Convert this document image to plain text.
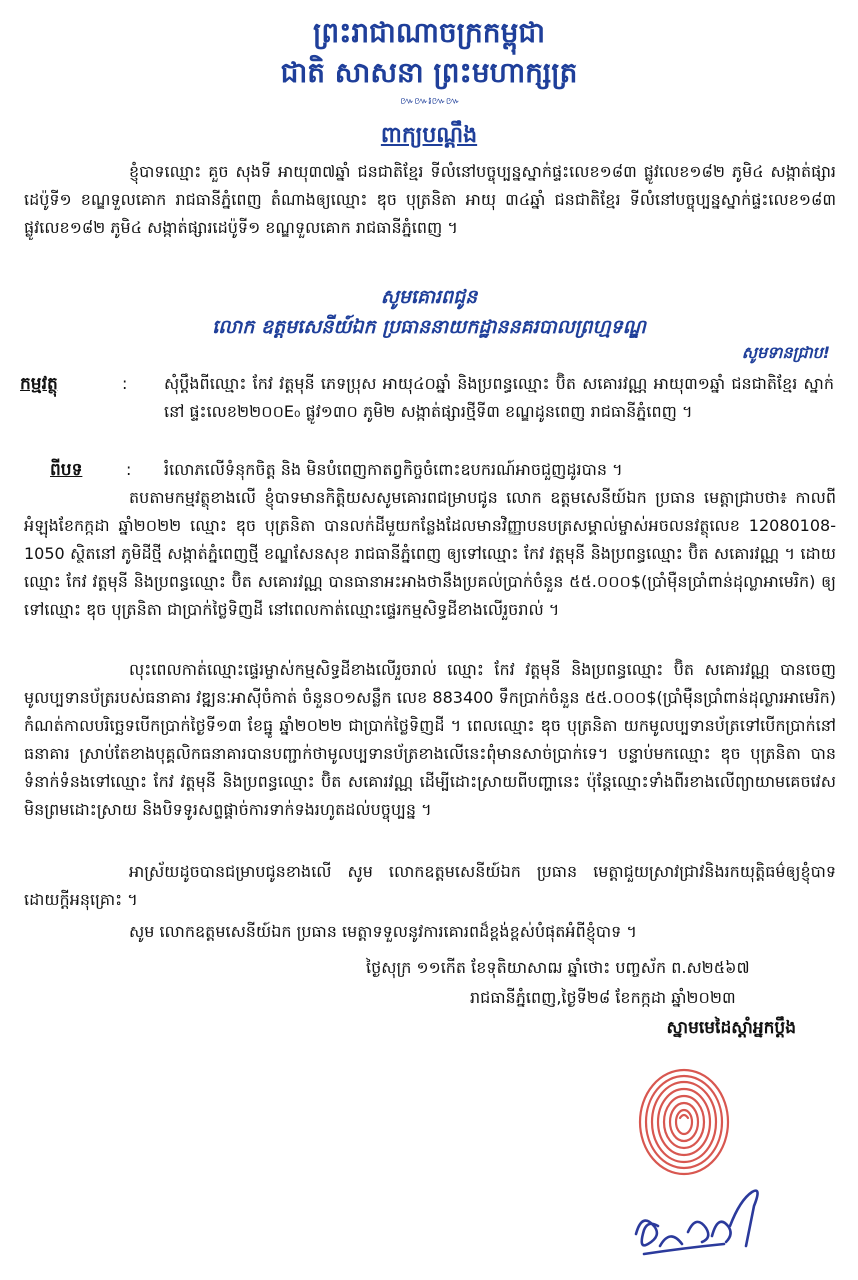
ព្រះរាជាណាចក្រកម្ពុជា
ជាតិ សាសនា ព្រះមហាក្សត្រ
៚៚៛៚៚
ពាក្យបណ្តឹង
ខ្ញុំបាទឈ្មោះ គួច សុងទី អាយុ៣៧ឆ្នាំ ជនជាតិខ្មែរ ទីលំនៅបច្ចុប្បន្នស្នាក់ផ្ទះលេខ១៨៣ ផ្លូវលេខ១៨២ ភូមិ៤ សង្កាត់ផ្សារដេប៉ូទី១ ខណ្ឌទួលគោក រាជធានីភ្នំពេញ តំណាងឲ្យឈ្មោះ ឌុច បុត្រនិតា អាយុ ៣៤ឆ្នាំ ជនជាតិខ្មែរ ទីលំនៅបច្ចុប្បន្នស្នាក់ផ្ទះលេខ១៨៣ ផ្លូវលេខ១៨២ ភូមិ៤ សង្កាត់ផ្សារដេប៉ូទី១ ខណ្ឌទួលគោក រាជធានីភ្នំពេញ ។
សូមគោរពជូន
លោក ឧត្តមសេនីយ៍ឯក ប្រធាននាយកដ្ឋាននគរបាលព្រហ្មទណ្ឌ
សូមទានជ្រាប!
កម្មវត្ថុ	: សុំប្តឹងពីឈ្មោះ កែវ វត្តមុនី ភេទប្រុស អាយុ៤០ឆ្នាំ និងប្រពន្ធឈ្មោះ ប៊ិត សគោរវណ្ណ អាយុ៣១ឆ្នាំ ជនជាតិខ្មែរ ស្នាក់នៅ ផ្ទះលេខ២២០០E₀ ផ្លូវ១៣០ ភូមិ២ សង្កាត់ផ្សារថ្មីទី៣ ខណ្ឌដូនពេញ រាជធានីភ្នំពេញ ។
ពីបទ	: រំលោភលើទំនុកចិត្ត និង មិនបំពេញកាតព្វកិច្ចចំពោះឧបករណ៍អាចជួញដូរបាន ។
តបតាមកម្មវត្ថុខាងលើ ខ្ញុំបាទមានកិត្តិយសសូមគោរពជម្រាបជូន លោក ឧត្តមសេនីយ៍ឯក ប្រធាន មេត្តាជ្រាបថា៖ កាលពីអំឡុងខែកក្កដា ឆ្នាំ២០២២ ឈ្មោះ ឌុច បុត្រនិតា បានលក់ដីមួយកន្លែងដែលមានវិញ្ញាបនបត្រសម្គាល់ម្ចាស់អចលនវត្ថុលេខ 12080108-1050 ស្ថិតនៅ ភូមិដីថ្មី សង្កាត់ភ្នំពេញថ្មី ខណ្ឌសែនសុខ រាជធានីភ្នំពេញ ឲ្យទៅឈ្មោះ កែវ វត្តមុនី និងប្រពន្ធឈ្មោះ ប៊ិត សគោរវណ្ណ ។ ដោយឈ្មោះ កែវ វត្តមុនី និងប្រពន្ធឈ្មោះ ប៊ិត សគោរវណ្ណ បានធានាអះអាងថានឹងប្រគល់ប្រាក់ចំនួន ៥៥.០០០$(ប្រាំម៉ឺនប្រាំពាន់ដុល្លាអាមេរិក) ឲ្យទៅឈ្មោះ ឌុច បុត្រនិតា ជាប្រាក់ថ្លៃទិញដី នៅពេលកាត់ឈ្មោះផ្ទេរកម្មសិទ្ធដីខាងលើរួចរាល់ ។
លុះពេលកាត់ឈ្មោះផ្ទេរម្ចាស់កម្មសិទ្ធដីខាងលើរួចរាល់ ឈ្មោះ កែវ វត្តមុនី និងប្រពន្ធឈ្មោះ ប៊ិត សគោរវណ្ណ បានចេញមូលប្បទានប័ត្ររបស់ធនាគារ វឌ្ឍនៈអាស៊ីចំកាត់ ចំនួន០១សន្លឹក លេខ 883400 ទឹកប្រាក់ចំនួន ៥៥.០០០$(ប្រាំម៉ឺនប្រាំពាន់ដុល្លារអាមេរិក) កំណត់កាលបរិច្ឆេទបើកប្រាក់ថ្ងៃទី១៣ ខែធ្នូ ឆ្នាំ២០២២ ជាប្រាក់ថ្លៃទិញដី ។ ពេលឈ្មោះ ឌុច បុត្រនិតា យកមូលប្បទានប័ត្រទៅបើកប្រាក់នៅធនាគារ ស្រាប់តែខាងបុគ្គលិកធនាគារបានបញ្ជាក់ថាមូលប្បទានប័ត្រខាងលើនេះពុំមានសាច់ប្រាក់ទេ។ បន្ទាប់មកឈ្មោះ ឌុច បុត្រនិតា បានទំនាក់ទំនងទៅឈ្មោះ កែវ វត្តមុនី និងប្រពន្ធឈ្មោះ ប៊ិត សគោរវណ្ណ ដើម្បីដោះស្រាយពីបញ្ហានេះ ប៉ុន្តែឈ្មោះទាំងពីរខាងលើព្យាយាមគេចវេសមិនព្រមដោះស្រាយ និងបិទទូរសព្ទផ្តាច់ការទាក់ទងរហូតដល់បច្ចុប្បន្ន ។
អាស្រ័យដូចបានជម្រាបជូនខាងលើ សូម លោកឧត្តមសេនីយ៍ឯក ប្រធាន មេត្តាជួយស្រាវជ្រាវនិងរកយុត្តិធម៌ឲ្យខ្ញុំបាទដោយក្តីអនុគ្រោះ ។
សូម លោកឧត្តមសេនីយ៍ឯក ប្រធាន មេត្តាទទួលនូវការគោរពដ៏ខ្ពង់ខ្ពស់បំផុតអំពីខ្ញុំបាទ ។
ថ្ងៃសុក្រ ១១កើត ខែទុតិយាសាឍ ឆ្នាំថោះ បញ្ចស័ក ព.ស២៥៦៧
រាជធានីភ្នំពេញ,ថ្ងៃទី២៨ ខែកក្កដា ឆ្នាំ២០២៣
ស្នាមមេដៃស្តាំអ្នកប្តឹង
